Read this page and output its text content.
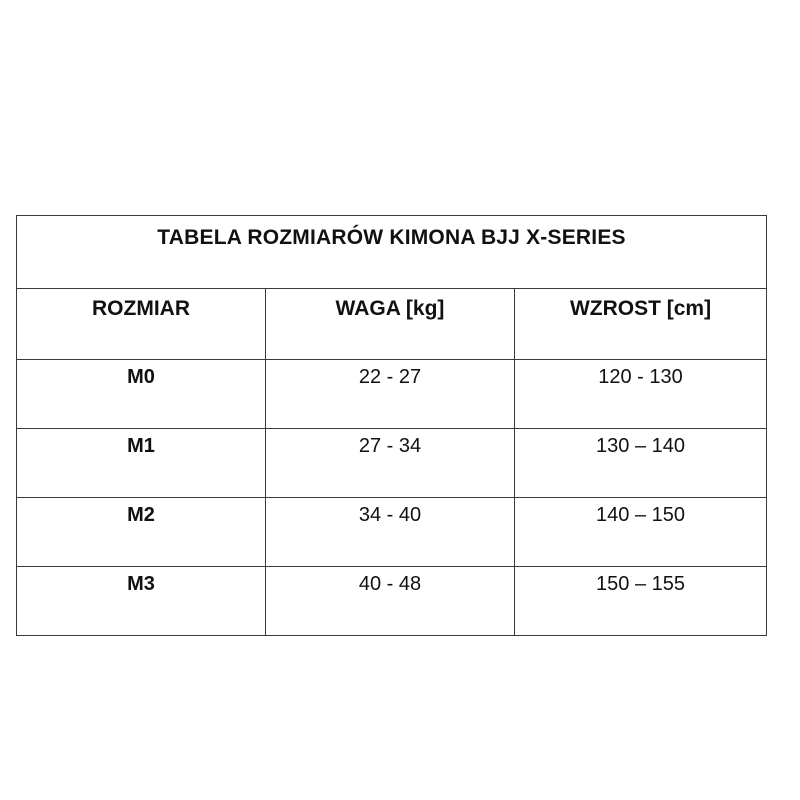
TABELA ROZMIARÓW KIMONA BJJ X-SERIES		
ROZMIAR	WAGA [kg]	WZROST [cm]
M0	22 - 27	120 - 130
M1	27 - 34	130 – 140
M2	34 - 40	140 – 150
M3	40 - 48	150 – 155
